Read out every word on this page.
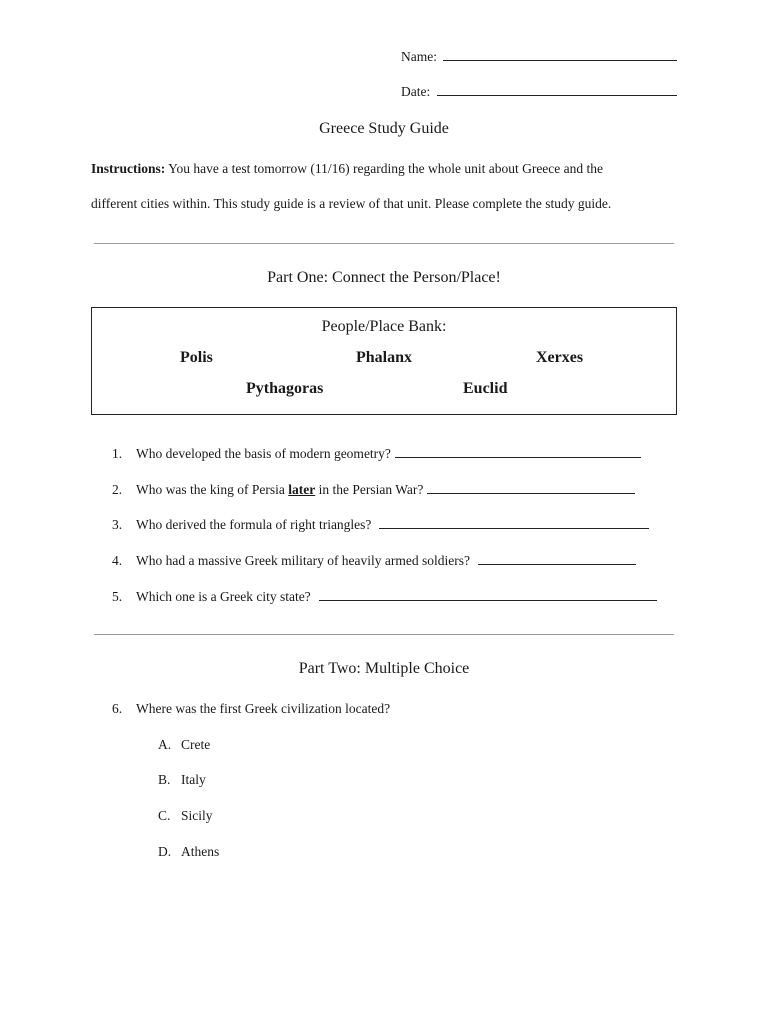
Name:
Date:
Greece Study Guide
Instructions: You have a test tomorrow (11/16) regarding the whole unit about Greece and the
different cities within. This study guide is a review of that unit. Please complete the study guide.
Part One: Connect the Person/Place!
People/Place Bank:
Polis	Phalanx	Xerxes
Pythagoras	Euclid
1. Who developed the basis of modern geometry?
2. Who was the king of Persia later in the Persian War?
3. Who derived the formula of right triangles?
4. Who had a massive Greek military of heavily armed soldiers?
5. Which one is a Greek city state?
Part Two: Multiple Choice
6. Where was the first Greek civilization located?
A. Crete
B. Italy
C. Sicily
D. Athens
